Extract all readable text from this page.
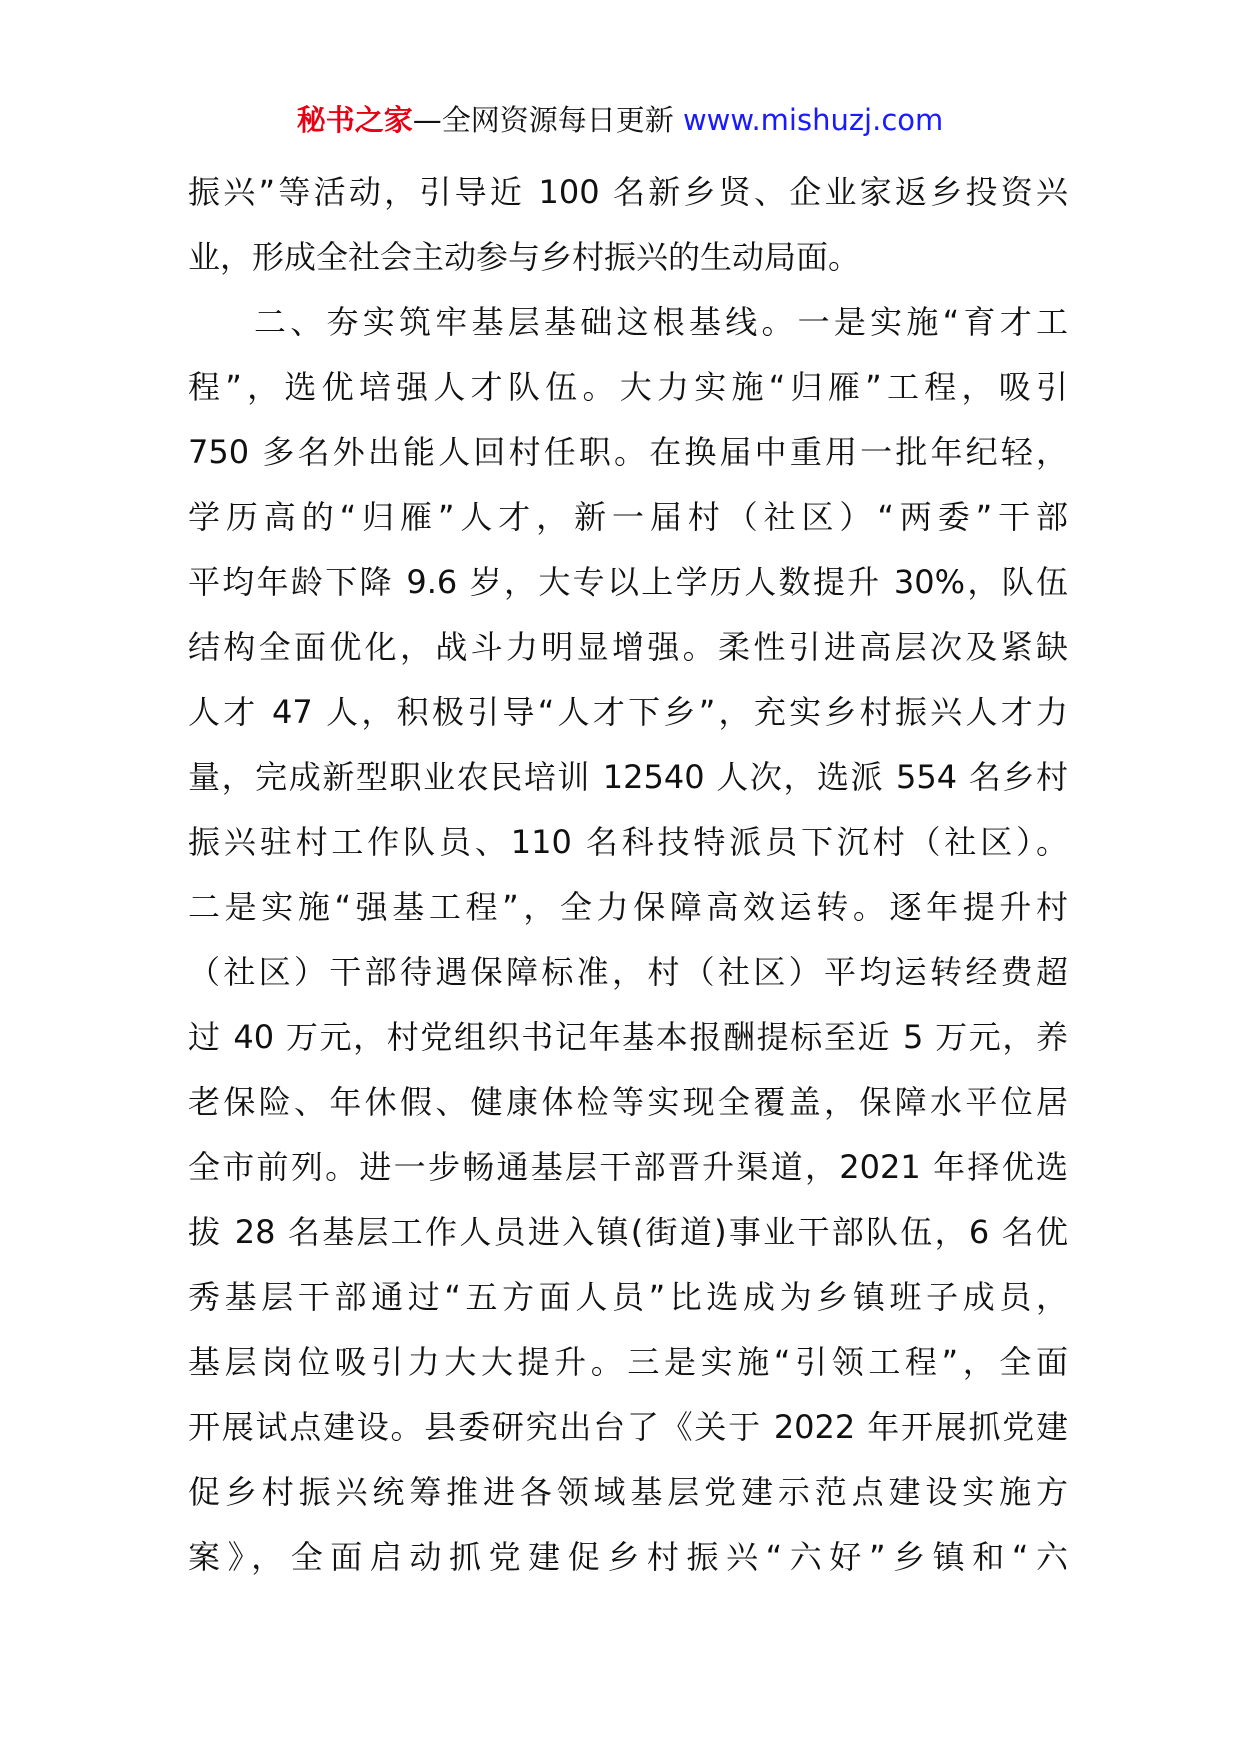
秘书之家—全网资源每日更新 www.mishuzj.com
振兴”等活动，引导近 100 名新乡贤、企业家返乡投资兴
业，形成全社会主动参与乡村振兴的生动局面。
二、夯实筑牢基层基础这根基线。一是实施“育才工
程”，选优培强人才队伍。大力实施“归雁”工程，吸引
750 多名外出能人回村任职。在换届中重用一批年纪轻，
学历高的“归雁”人才，新一届村（社区）“两委”干部
平均年龄下降 9.6 岁，大专以上学历人数提升 30%，队伍
结构全面优化，战斗力明显增强。柔性引进高层次及紧缺
人才 47 人，积极引导“人才下乡”，充实乡村振兴人才力
量，完成新型职业农民培训 12540 人次，选派 554 名乡村
振兴驻村工作队员、110 名科技特派员下沉村（社区）。
二是实施“强基工程”，全力保障高效运转。逐年提升村
（社区）干部待遇保障标准，村（社区）平均运转经费超
过 40 万元，村党组织书记年基本报酬提标至近 5 万元，养
老保险、年休假、健康体检等实现全覆盖，保障水平位居
全市前列。进一步畅通基层干部晋升渠道，2021 年择优选
拔 28 名基层工作人员进入镇(街道)事业干部队伍，6 名优
秀基层干部通过“五方面人员”比选成为乡镇班子成员，
基层岗位吸引力大大提升。三是实施“引领工程”，全面
开展试点建设。县委研究出台了《关于 2022 年开展抓党建
促乡村振兴统筹推进各领域基层党建示范点建设实施方
案》，全面启动抓党建促乡村振兴“六好”乡镇和“六
